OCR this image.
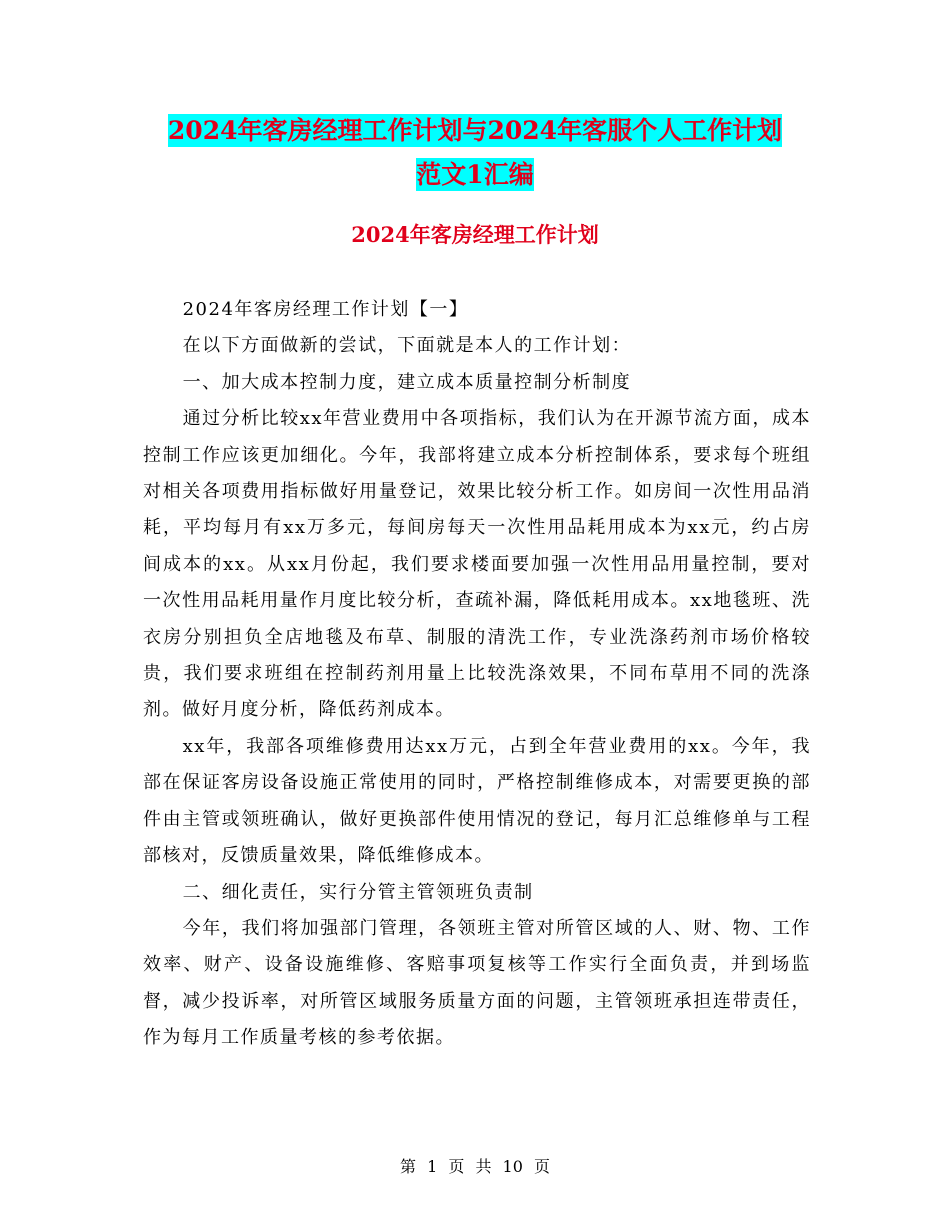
2024年客房经理工作计划与2024年客服个人工作计划
范文1汇编
2024年客房经理工作计划

2024年客房经理工作计划【一】

在以下方面做新的尝试，下面就是本人的工作计划：

一、加大成本控制力度，建立成本质量控制分析制度

通过分析比较xx年营业费用中各项指标，我们认为在开源节流方面，成本控制工作应该更加细化。今年，我部将建立成本分析控制体系，要求每个班组对相关各项费用指标做好用量登记，效果比较分析工作。如房间一次性用品消耗，平均每月有xx万多元，每间房每天一次性用品耗用成本为xx元，约占房间成本的xx。从xx月份起，我们要求楼面要加强一次性用品用量控制，要对一次性用品耗用量作月度比较分析，查疏补漏，降低耗用成本。xx地毯班、洗衣房分别担负全店地毯及布草、制服的清洗工作，专业洗涤药剂市场价格较贵，我们要求班组在控制药剂用量上比较洗涤效果，不同布草用不同的洗涤剂。做好月度分析，降低药剂成本。

xx年，我部各项维修费用达xx万元，占到全年营业费用的xx。今年，我部在保证客房设备设施正常使用的同时，严格控制维修成本，对需要更换的部件由主管或领班确认，做好更换部件使用情况的登记，每月汇总维修单与工程部核对，反馈质量效果，降低维修成本。

二、细化责任，实行分管主管领班负责制

今年，我们将加强部门管理，各领班主管对所管区域的人、财、物、工作效率、财产、设备设施维修、客赔事项复核等工作实行全面负责，并到场监督，减少投诉率，对所管区域服务质量方面的问题，主管领班承担连带责任，作为每月工作质量考核的参考依据。

第 1 页 共 10 页
